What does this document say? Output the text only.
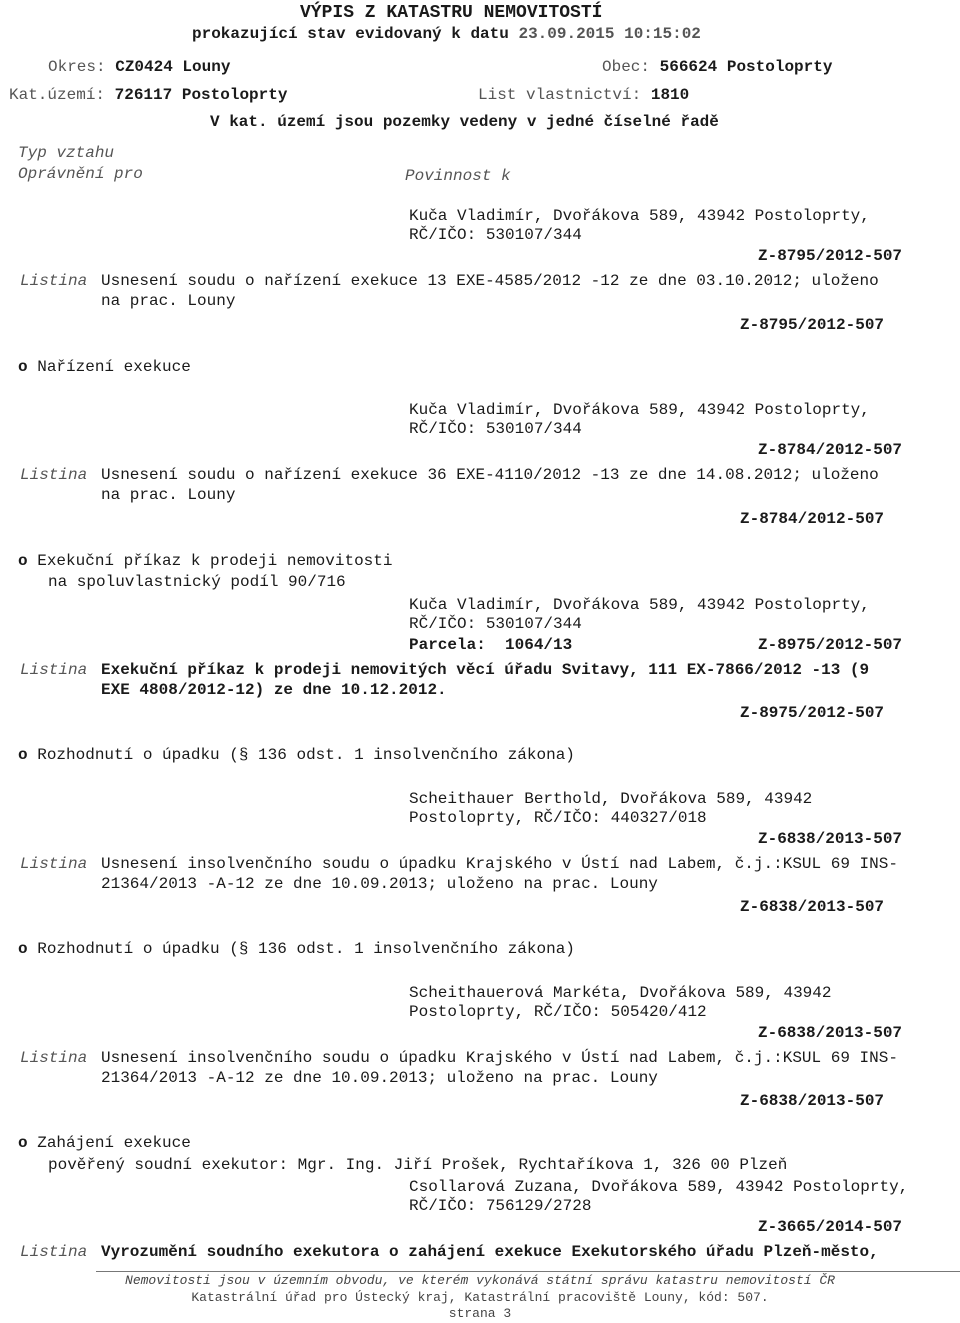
VÝPIS Z KATASTRU NEMOVITOSTÍ
prokazující stav evidovaný k datu 23.09.2015 10:15:02
Okres: CZ0424 Louny	Obec: 566624 Postoloprty
Kat.území: 726117 Postoloprty	List vlastnictví: 1810
V kat. území jsou pozemky vedeny v jedné číselné řadě
Typ vztahu
Oprávnění pro	Povinnost k
Kuča Vladimír, Dvořákova 589, 43942 Postoloprty,
RČ/IČO: 530107/344
Z-8795/2012-507
Listina Usnesení soudu o nařízení exekuce 13 EXE-4585/2012 -12 ze dne 03.10.2012; uloženo
na prac. Louny
Z-8795/2012-507
o Nařízení exekuce
Kuča Vladimír, Dvořákova 589, 43942 Postoloprty,
RČ/IČO: 530107/344
Z-8784/2012-507
Listina Usnesení soudu o nařízení exekuce 36 EXE-4110/2012 -13 ze dne 14.08.2012; uloženo
na prac. Louny
Z-8784/2012-507
o Exekuční příkaz k prodeji nemovitosti
na spoluvlastnický podíl 90/716
Kuča Vladimír, Dvořákova 589, 43942 Postoloprty,
RČ/IČO: 530107/344
Parcela:  1064/13	Z-8975/2012-507
Listina Exekuční příkaz k prodeji nemovitých věcí úřadu Svitavy, 111 EX-7866/2012 -13 (9
EXE 4808/2012-12) ze dne 10.12.2012.
Z-8975/2012-507
o Rozhodnutí o úpadku (§ 136 odst. 1 insolvenčního zákona)
Scheithauer Berthold, Dvořákova 589, 43942
Postoloprty, RČ/IČO: 440327/018
Z-6838/2013-507
Listina Usnesení insolvenčního soudu o úpadku Krajského v Ústí nad Labem, č.j.:KSUL 69 INS-
21364/2013 -A-12 ze dne 10.09.2013; uloženo na prac. Louny
Z-6838/2013-507
o Rozhodnutí o úpadku (§ 136 odst. 1 insolvenčního zákona)
Scheithauerová Markéta, Dvořákova 589, 43942
Postoloprty, RČ/IČO: 505420/412
Z-6838/2013-507
Listina Usnesení insolvenčního soudu o úpadku Krajského v Ústí nad Labem, č.j.:KSUL 69 INS-
21364/2013 -A-12 ze dne 10.09.2013; uloženo na prac. Louny
Z-6838/2013-507
o Zahájení exekuce
pověřený soudní exekutor: Mgr. Ing. Jiří Prošek, Rychtaříkova 1, 326 00 Plzeň
Csollarová Zuzana, Dvořákova 589, 43942 Postoloprty,
RČ/IČO: 756129/2728
Z-3665/2014-507
Listina Vyrozumění soudního exekutora o zahájení exekuce Exekutorského úřadu Plzeň-město,
Nemovitosti jsou v územním obvodu, ve kterém vykonává státní správu katastru nemovitostí ČR
Katastrální úřad pro Ústecký kraj, Katastrální pracoviště Louny, kód: 507.
strana 3
